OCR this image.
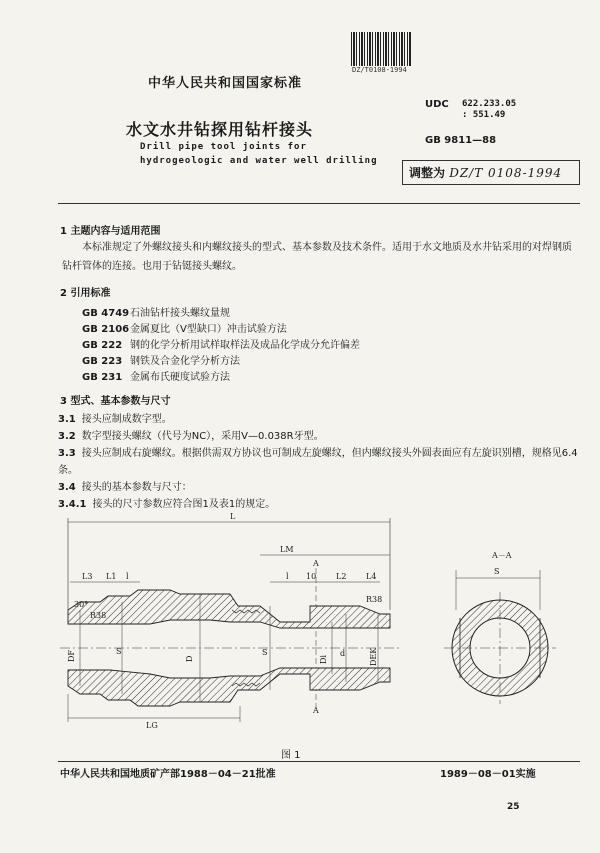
DZ/T0108-1994
中华人民共和国国家标准
UDC 622.233.05
: 551.49
GB 9811—88
水文水井钻探用钻杆接头
Drill pipe tool joints for
hydrogeologic and water well drilling
调整为 DZ/T 0108-1994
1 主题内容与适用范围
本标准规定了外螺纹接头和内螺纹接头的型式、基本参数及技术条件。适用于水文地质及水井钻采用的对焊钢质钻杆管体的连接。也用于钻铤接头螺纹。
2 引用标准
GB 4749石油钻杆接头螺纹量规
GB 2106金属夏比（V型缺口）冲击试验方法
GB 222 钢的化学分析用试样取样法及成品化学成分允许偏差
GB 223 钢铁及合金化学分析方法
GB 231 金属布氏硬度试验方法
3 型式、基本参数与尺寸
3.1 接头应制成数字型。
3.2 数字型接头螺纹（代号为NC），采用V—0.038R牙型。
3.3 接头应制成右旋螺纹。根据供需双方协议也可制成左旋螺纹，但内螺纹接头外圆表面应有左旋识别槽，规格见6.4条。
3.4 接头的基本参数与尺寸：
3.4.1 接头的尺寸参数应符合图1及表1的规定。
L
LM
L3 L1 l	l 10 L2 L4
A
A
DF	S
D
S
Di
d	DEK
30°
R38
R38
LG
A－A
S
图 1
中华人民共和国地质矿产部1988－04－21批准	1989－08－01实施
25
